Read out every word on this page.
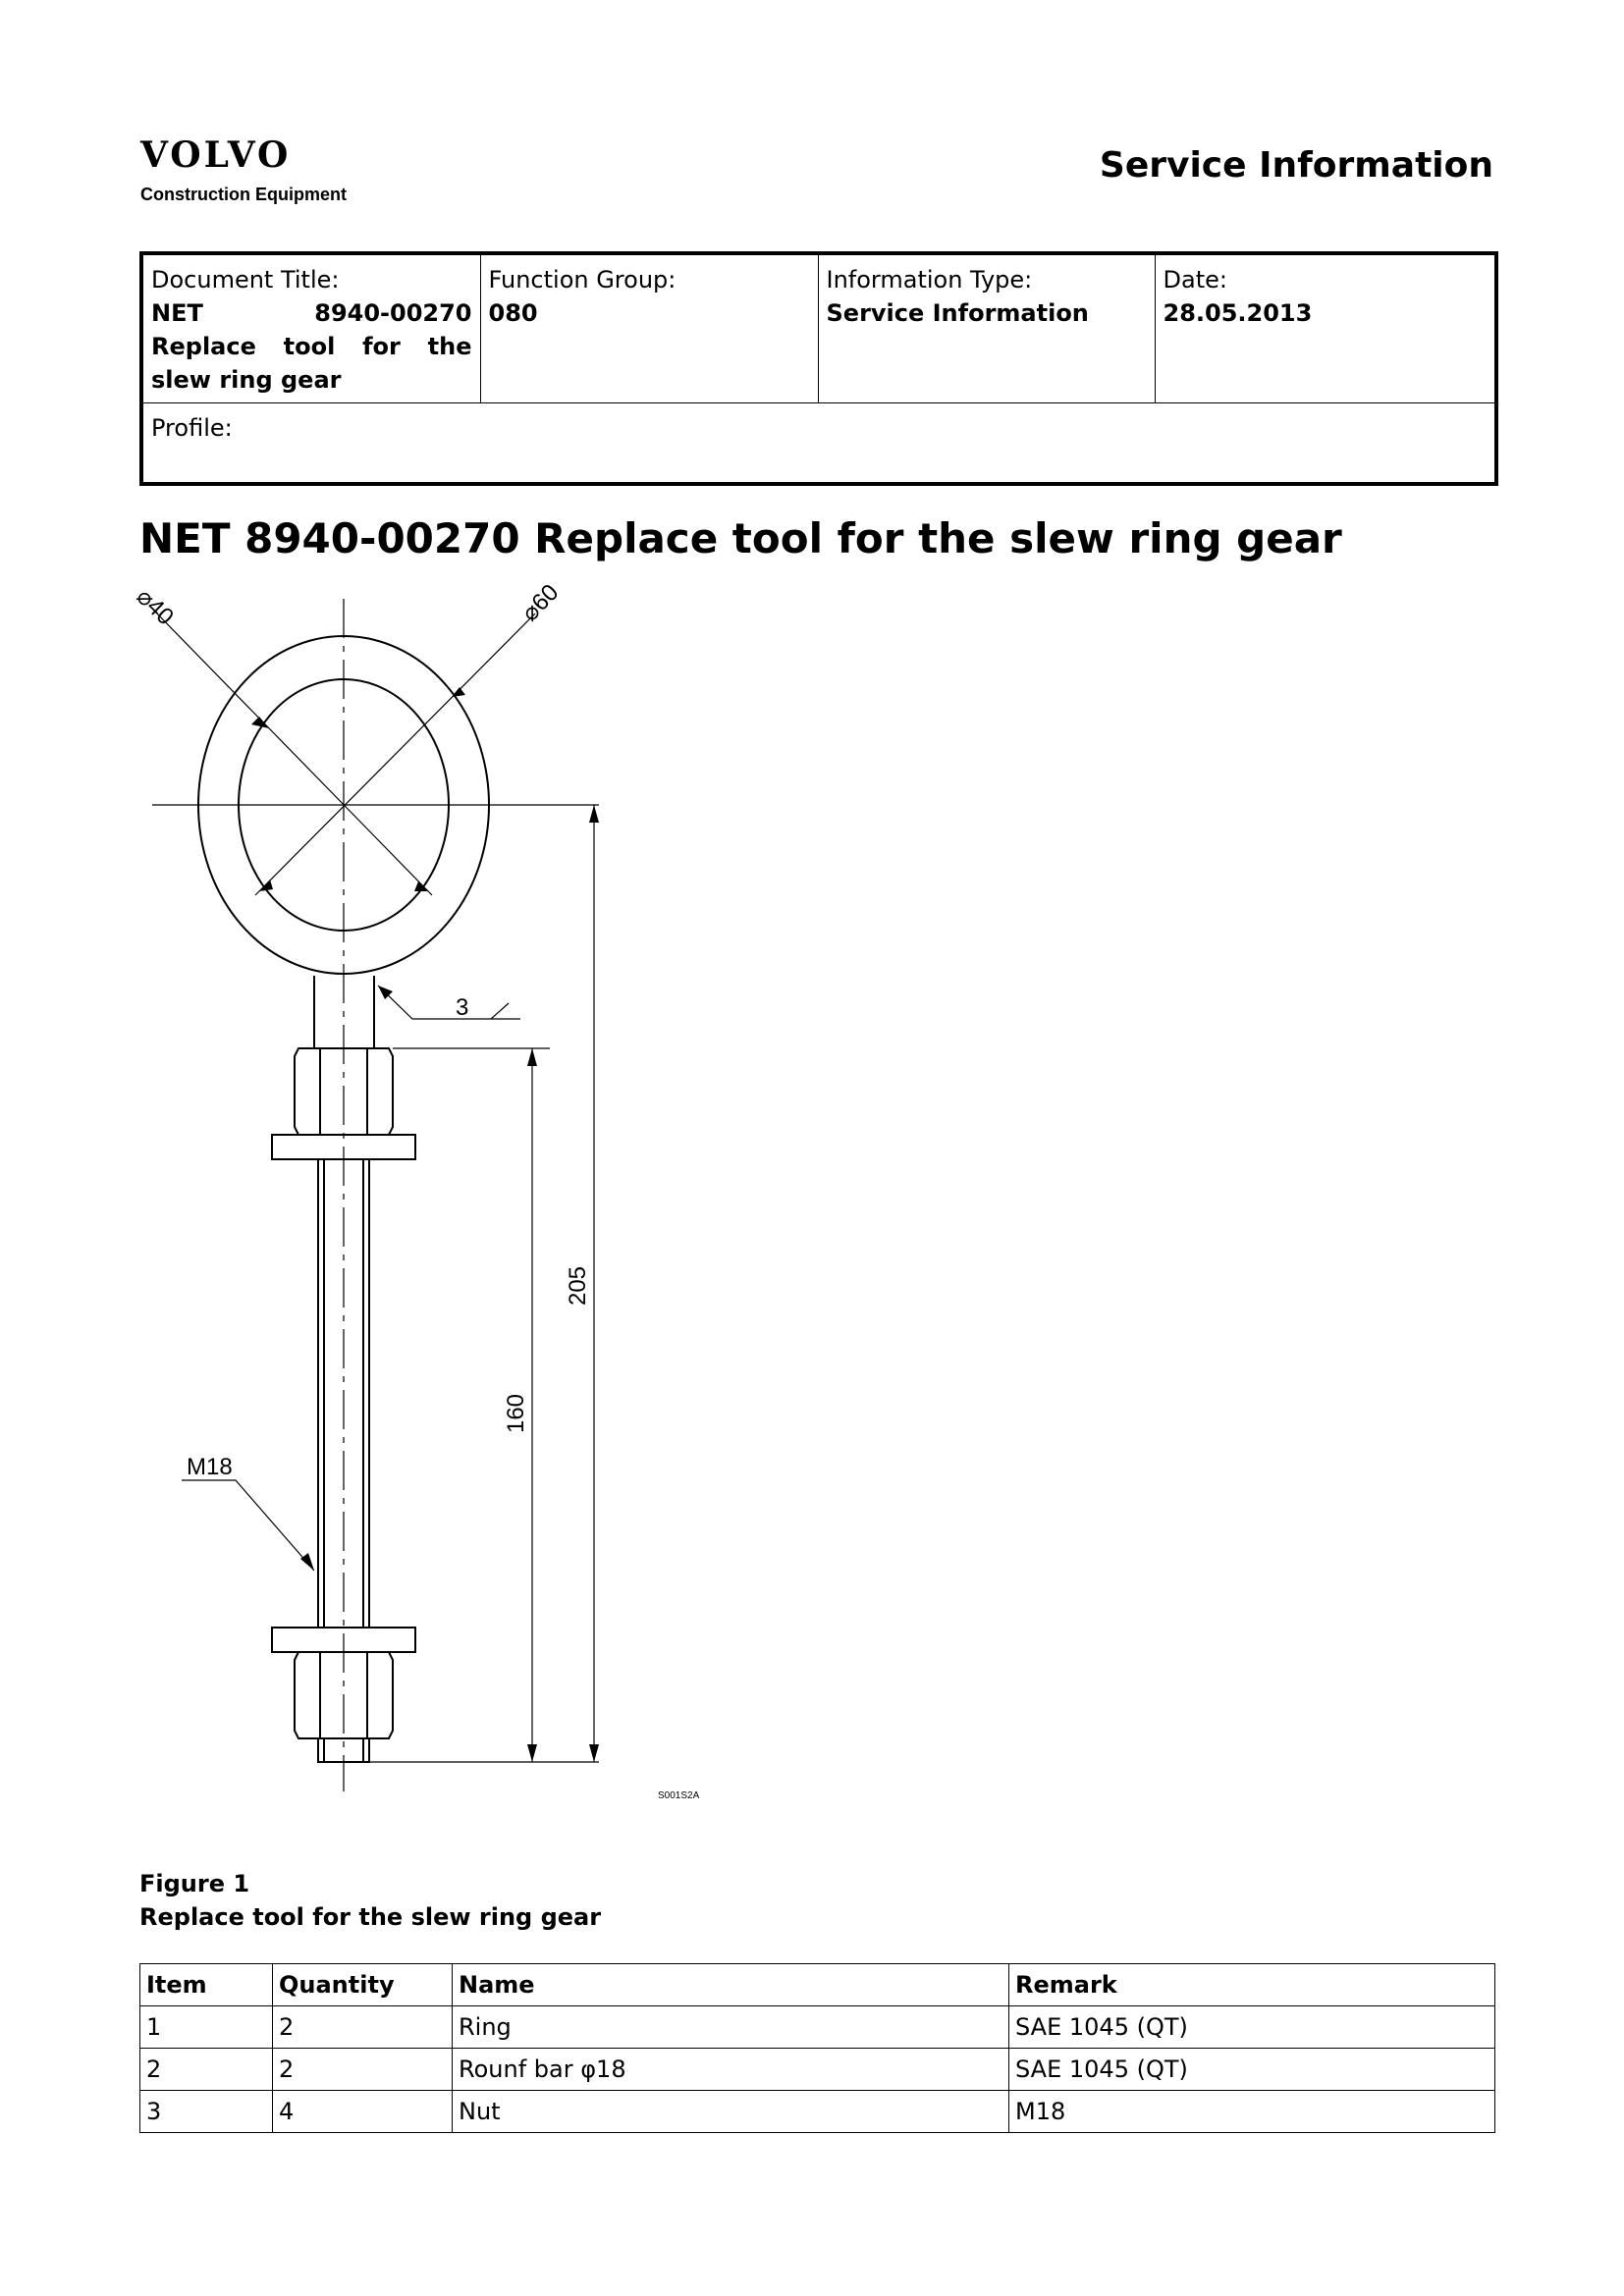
VOLVO
Construction Equipment
Service Information
Document Title:
NET 8940-00270 Replace tool for the slew ring gear

Function Group:
080

Information Type:
Service Information

Date:
28.05.2013

Profile:
NET 8940-00270 Replace tool for the slew ring gear
⌀40	⌀60
3
205
160
M18
S001S2A
Figure 1
Replace tool for the slew ring gear
Item	Quantity	Name	Remark
1	2	Ring	SAE 1045 (QT)
2	2	Rounf bar φ18	SAE 1045 (QT)
3	4	Nut	M18
